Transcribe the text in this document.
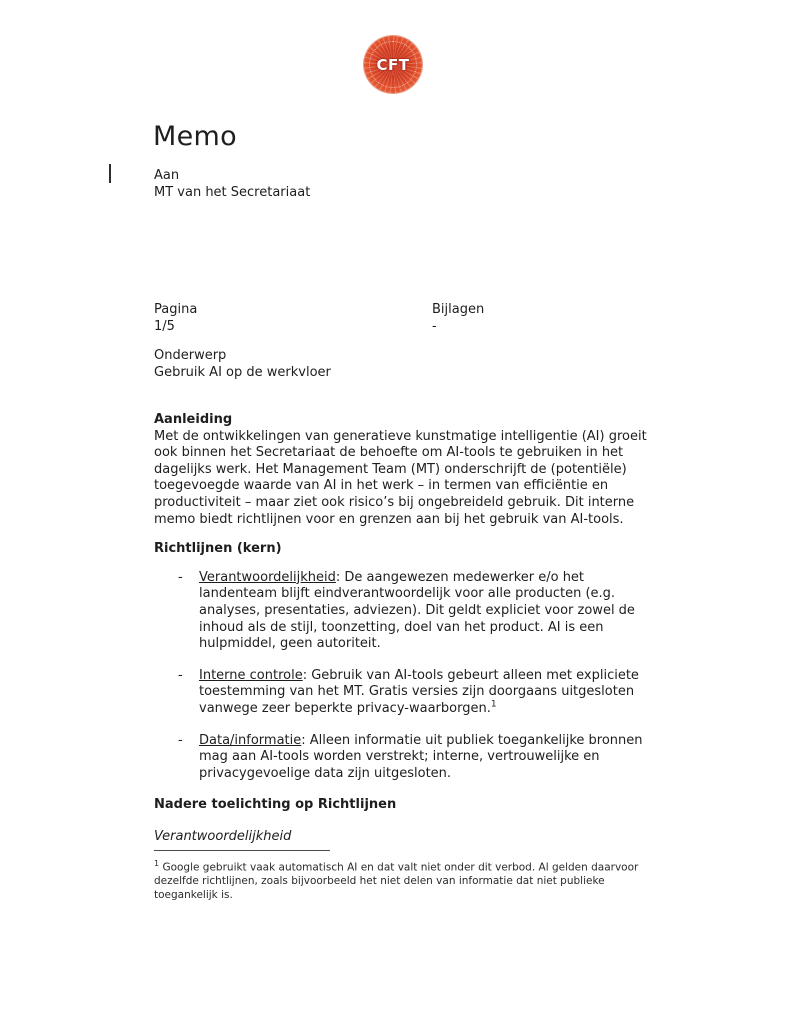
CFT
Memo
Aan
MT van het Secretariaat
Pagina
1/5
Bijlagen
-
Onderwerp
Gebruik AI op de werkvloer
Aanleiding

Met de ontwikkelingen van generatieve kunstmatige intelligentie (AI) groeit ook binnen het Secretariaat de behoefte om AI-tools te gebruiken in het dagelijks werk. Het Management Team (MT) onderschrijft de (potentiële) toegevoegde waarde van AI in het werk – in termen van efficiëntie en productiviteit – maar ziet ook risico’s bij ongebreideld gebruik. Dit interne memo biedt richtlijnen voor en grenzen aan bij het gebruik van AI-tools.

Richtlijnen (kern)
- Verantwoordelijkheid: De aangewezen medewerker e/o het landenteam blijft eindverantwoordelijk voor alle producten (e.g. analyses, presentaties, adviezen). Dit geldt expliciet voor zowel de inhoud als de stijl, toonzetting, doel van het product. AI is een hulpmiddel, geen autoriteit.
- Interne controle: Gebruik van AI-tools gebeurt alleen met expliciete toestemming van het MT. Gratis versies zijn doorgaans uitgesloten vanwege zeer beperkte privacy-waarborgen.$^1$
- Data/informatie: Alleen informatie uit publiek toegankelijke bronnen mag aan AI-tools worden verstrekt; interne, vertrouwelijke en privacygevoelige data zijn uitgesloten.
Nadere toelichting op Richtlijnen

Verantwoordelijkheid

$^1$ Google gebruikt vaak automatisch AI en dat valt niet onder dit verbod. Al gelden daarvoor dezelfde richtlijnen, zoals bijvoorbeeld het niet delen van informatie dat niet publieke toegankelijk is.
